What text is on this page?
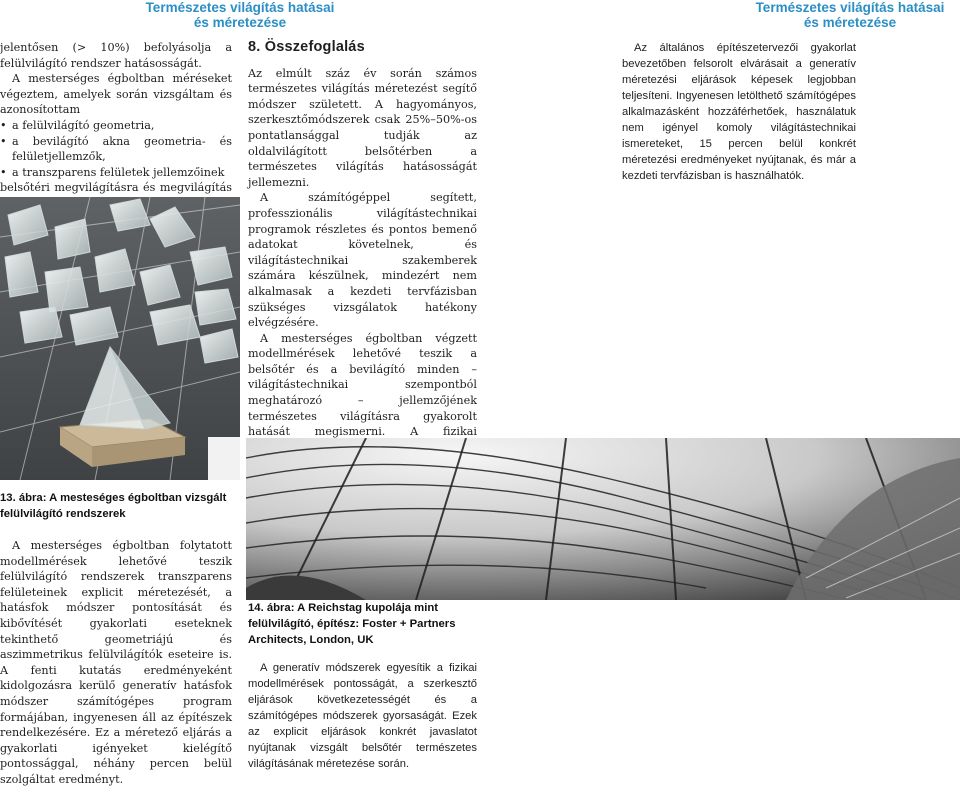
Természetes világítás hatásai
és méretezése
Természetes világítás hatásai
és méretezése

jelentősen (> 10%) befolyásolja a felülvilágító rendszer hatásosságát.

A mesterséges égboltban méréseket végeztem, amelyek során vizsgáltam és azonosítottam

• a felülvilágító geometria,
• a bevilágító akna geometria- és felületjellemzők,
• a transzparens felületek jellemzőinek

belsőtéri megvilágításra és megvilágítás

13. ábra: A mesteséges égboltban vizsgált felülvilágító rendszerek

A mesterséges égboltban folytatott modellmérések lehetővé teszik felülvilágító rendszerek transzparens felületeinek explicit méretezését, a hatásfok módszer pontosítását és kibővítését gyakorlati eseteknek tekinthető geometriájú és aszimmetrikus felülvilágítók eseteire is. A fenti kutatás eredményeként kidolgozásra kerülő generatív hatásfok módszer számítógépes program formájában, ingyenesen áll az építészek rendelkezésére. Ez a méretező eljárás a gyakorlati igényeket kielégítő pontossággal, néhány percen belül szolgáltat eredményt.

8. Összefoglalás

Az elmúlt száz év során számos természetes világítás méretezést segítő módszer született. A hagyományos, szerkesztőmódszerek csak 25%–50%-os pontatlansággal tudják az oldalvilágított belsőtérben a természetes világítás hatásosságát jellemezni.

A számítógéppel segített, professzionális világítástechnikai programok részletes és pontos bemenő adatokat követelnek, és világítástechnikai szakemberek számára készülnek, mindezért nem alkalmasak a kezdeti tervfázisban szükséges vizsgálatok hatékony elvégzésére.

A mesterséges égboltban végzett modellmérések lehetővé teszik a belsőtér és a bevilágító minden – világítástechnikai szempontból meghatározó – jellemzőjének természetes világításra gyakorolt hatását megismerni. A fizikai

14. ábra: A Reichstag kupolája mint felülvilágító, építész: Foster + Partners Architects, London, UK

A generatív módszerek egyesítik a fizikai modellmérések pontosságát, a szerkesztő eljárások következetességét és a számítógépes módszerek gyorsaságát. Ezek az explicit eljárások konkrét javaslatot nyújtanak vizsgált belsőtér természetes világításának méretezése során.

Az általános építészetervezői gyakorlat bevezetőben felsorolt elvárásait a generatív méretezési eljárások képesek legjobban teljesíteni. Ingyenesen letölthető számítógépes alkalmazásként hozzáférhetőek, használatuk nem igényel komoly világítástechnikai ismereteket, 15 percen belül konkrét méretezési eredményeket nyújtanak, és már a kezdeti tervfázisban is használhatók.
